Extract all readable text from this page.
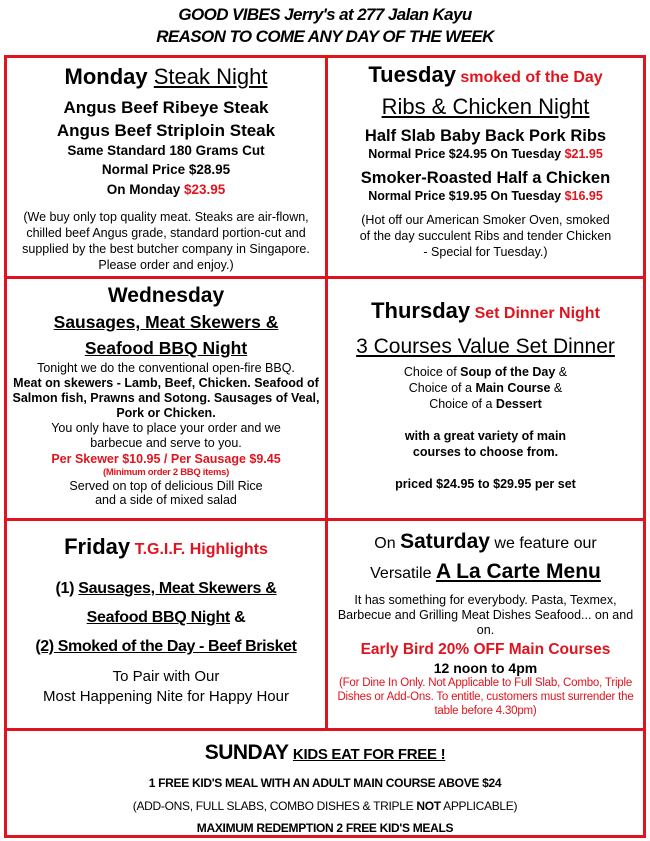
GOOD VIBES Jerry's at 277 Jalan Kayu
REASON TO COME ANY DAY OF THE WEEK
Monday Steak Night

Angus Beef Ribeye Steak

Angus Beef Striploin Steak

Same Standard 180 Grams Cut

Normal Price $28.95

On Monday $23.95

(We buy only top quality meat. Steaks are air-flown, chilled beef Angus grade, standard portion-cut and supplied by the best butcher company in Singapore. Please order and enjoy.)

Tuesday smoked of the Day

Ribs & Chicken Night

Half Slab Baby Back Pork Ribs

Normal Price $24.95 On Tuesday $21.95

Smoker-Roasted Half a Chicken

Normal Price $19.95 On Tuesday $16.95

(Hot off our American Smoker Oven, smoked of the day succulent Ribs and tender Chicken - Special for Tuesday.)

Wednesday

Sausages, Meat Skewers &

Seafood BBQ Night

Tonight we do the conventional open-fire BBQ.

Meat on skewers - Lamb, Beef, Chicken. Seafood of Salmon fish, Prawns and Sotong. Sausages of Veal, Pork or Chicken.

You only have to place your order and we barbecue and serve to you.

Per Skewer $10.95 / Per Sausage $9.45

(Minimum order 2 BBQ items)

Served on top of delicious Dill Rice and a side of mixed salad

Thursday Set Dinner Night

3 Courses Value Set Dinner

Choice of Soup of the Day &

Choice of a Main Course &

Choice of a Dessert

with a great variety of main courses to choose from.

priced $24.95 to $29.95 per set

Friday T.G.I.F. Highlights

(1) Sausages, Meat Skewers &

Seafood BBQ Night &

(2) Smoked of the Day - Beef Brisket

To Pair with Our

Most Happening Nite for Happy Hour

On Saturday we feature our
Versatile A La Carte Menu

It has something for everybody. Pasta, Texmex, Barbecue and Grilling Meat Dishes Seafood... on and on.

Early Bird 20% OFF Main Courses

12 noon to 4pm

(For Dine In Only. Not Applicable to Full Slab, Combo, Triple Dishes or Add-Ons. To entitle, customers must surrender the table before 4.30pm)

SUNDAY KIDS EAT FOR FREE !

1 FREE KID'S MEAL WITH AN ADULT MAIN COURSE ABOVE $24

(ADD-ONS, FULL SLABS, COMBO DISHES & TRIPLE NOT APPLICABLE)

MAXIMUM REDEMPTION 2 FREE KID'S MEALS
